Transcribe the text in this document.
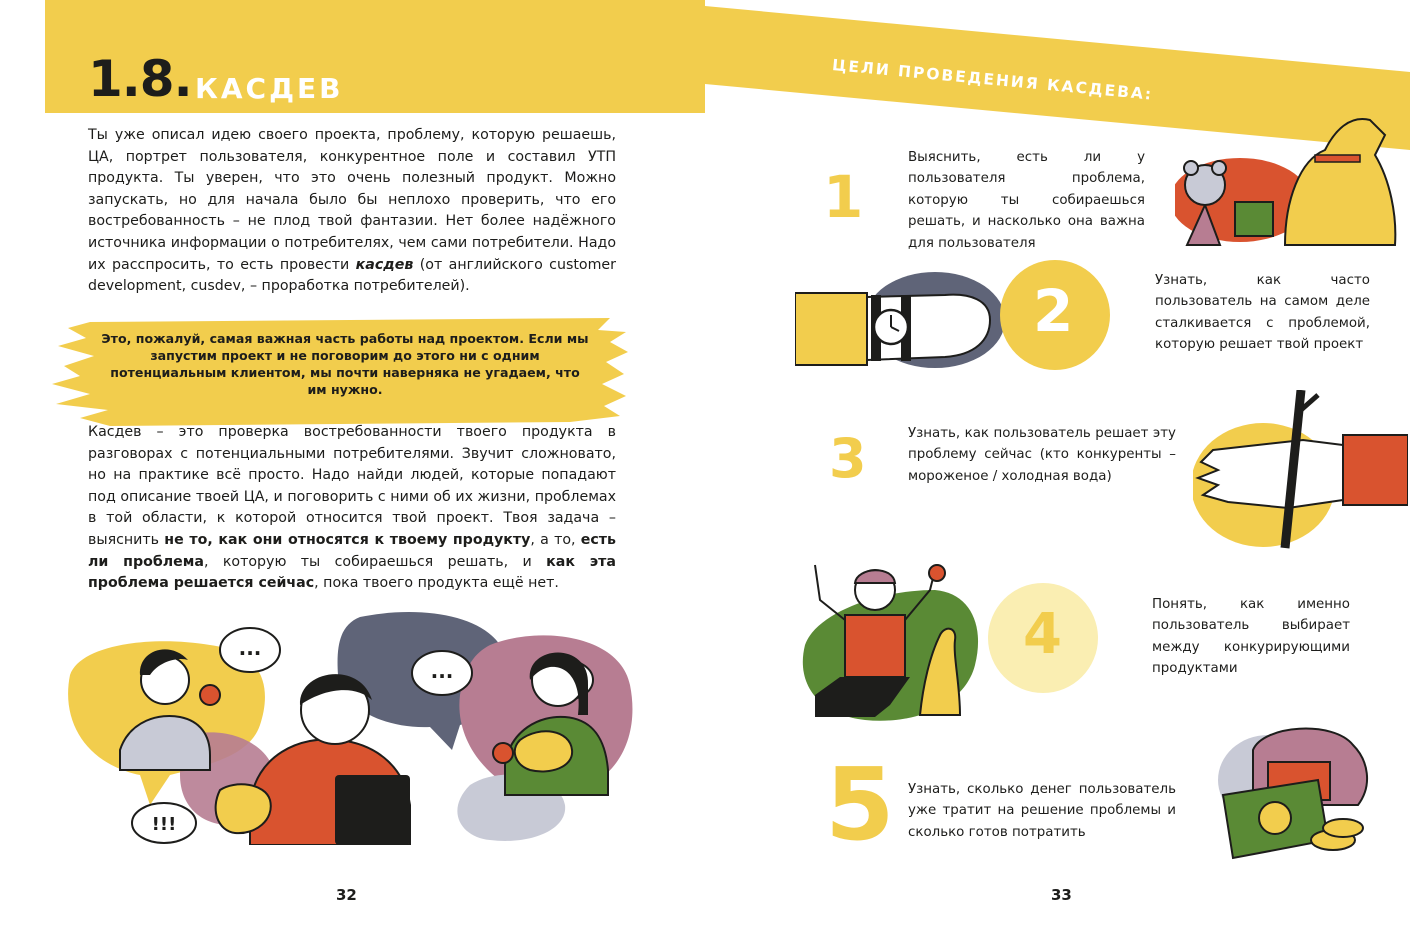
1.8. КАСДЕВ

Ты уже описал идею своего проекта, проблему, которую решаешь, ЦА, портрет пользователя, конкурентное поле и составил УТП продукта. Ты уверен, что это очень полезный продукт. Можно запускать, но для начала было бы неплохо проверить, что его востребованность – не плод твой фантазии. Нет более надёжного источника информации о потребителях, чем сами потребители. Надо их расспросить, то есть провести касдев (от английского customer development, cusdev, – проработка потребителей).

Это, пожалуй, самая важная часть работы над проектом. Если мы запустим проект и не поговорим до этого ни с одним потенциальным клиентом, мы почти наверняка не угадаем, что им нужно.

Касдев – это проверка востребованности твоего продукта в разговорах с потенциальными потребителями. Звучит сложновато, но на практике всё просто. Надо найди людей, которые попадают под описание твоей ЦА, и поговорить с ними об их жизни, проблемах в той области, к которой относится твой проект. Твоя задача – выяснить не то, как они относятся к твоему продукту, а то, есть ли проблема, которую ты собираешься решать, и как эта проблема решается сейчас, пока твоего продукта ещё нет.

...
...
!!!
32
ЦЕЛИ ПРОВЕДЕНИЯ КАСДЕВА:
1

Выяснить, есть ли у пользователя проблема, которую ты собираешься решать, и насколько она важна для пользователя

2	Узнать, как часто пользователь на самом деле сталкивается с проблемой, которую решает твой проект

3	Узнать, как пользователь решает эту проблему сейчас (кто конкуренты – мороженое / холодная вода)

4	Понять, как именно пользователь выбирает между конкурирующими продуктами

5 Узнать, сколько денег пользователь уже тратит на решение проблемы и сколько готов потратить

33
